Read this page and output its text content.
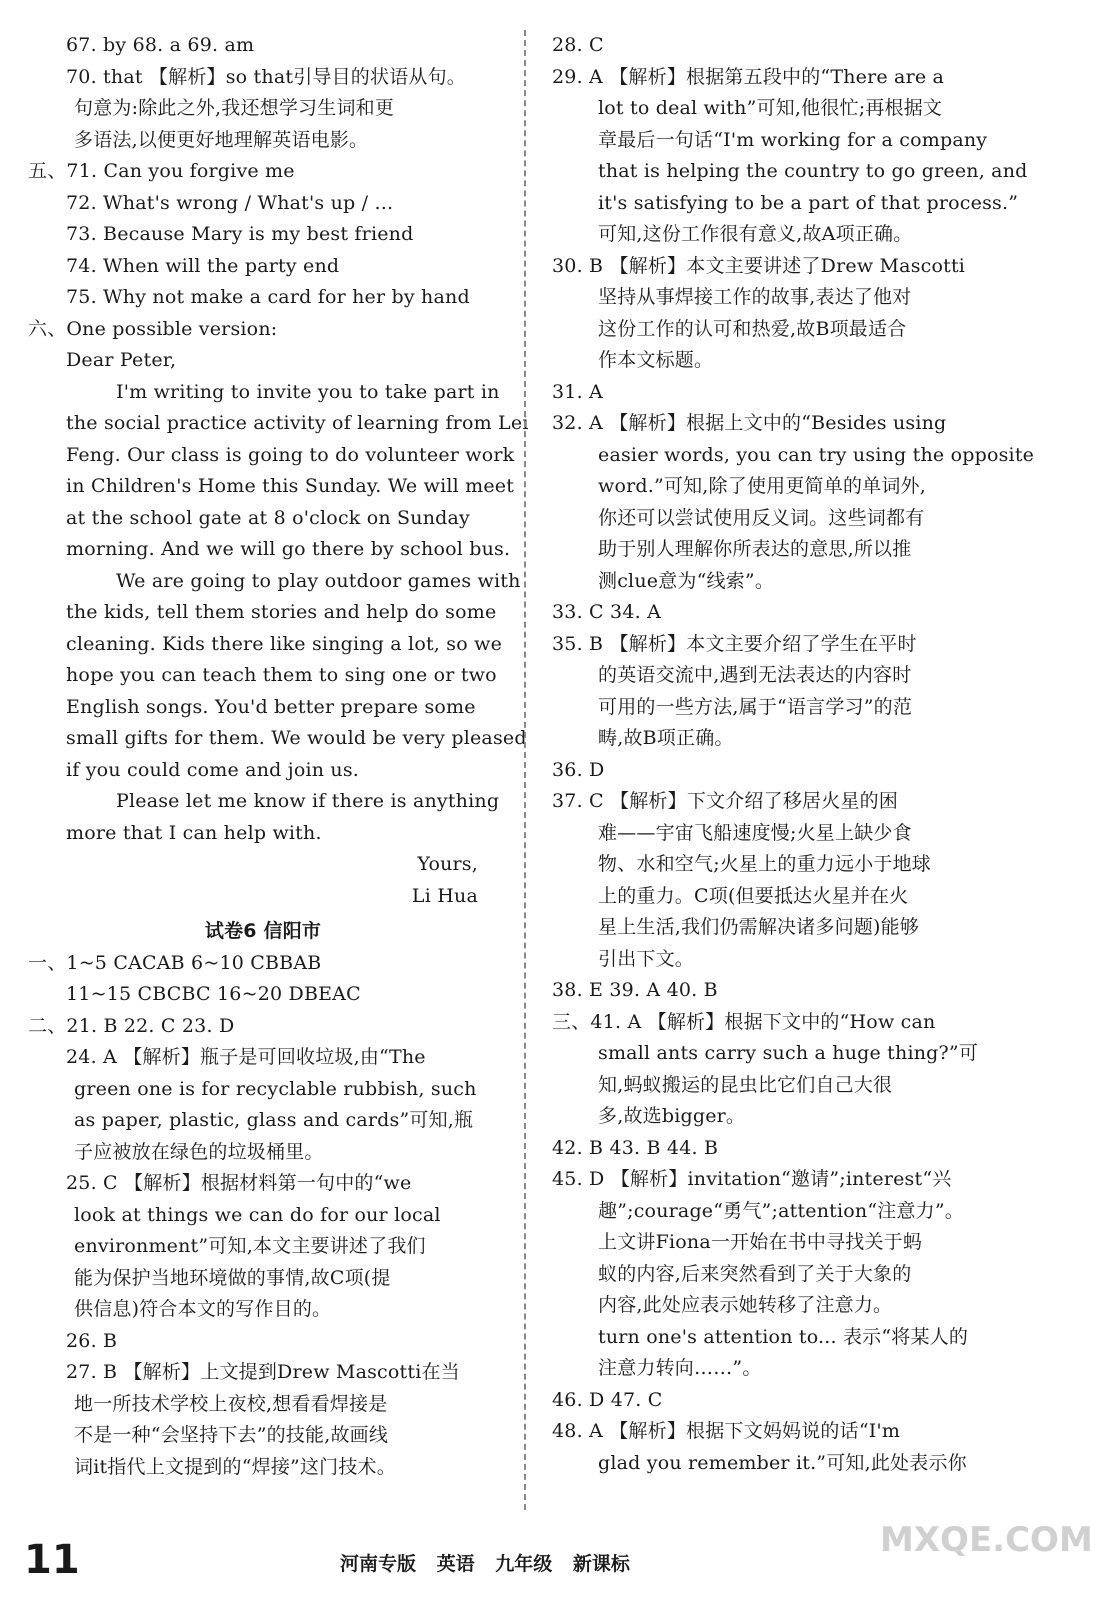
67. by 68. a 69. am
70. that 【解析】so that引导目的状语从句。
句意为:除此之外,我还想学习生词和更
多语法,以便更好地理解英语电影。
五、71. Can you forgive me
72. What's wrong / What's up / ...
73. Because Mary is my best friend
74. When will the party end
75. Why not make a card for her by hand
六、One possible version:
Dear Peter,
I'm writing to invite you to take part in
the social practice activity of learning from Lei
Feng. Our class is going to do volunteer work
in Children's Home this Sunday. We will meet
at the school gate at 8 o'clock on Sunday
morning. And we will go there by school bus.
We are going to play outdoor games with
the kids, tell them stories and help do some
cleaning. Kids there like singing a lot, so we
hope you can teach them to sing one or two
English songs. You'd better prepare some
small gifts for them. We would be very pleased
if you could come and join us.
Please let me know if there is anything
more that I can help with.
Yours,
Li Hua
试卷6 信阳市
一、1~5 CACAB 6~10 CBBAB
11~15 CBCBC 16~20 DBEAC
二、21. B 22. C 23. D
24. A 【解析】瓶子是可回收垃圾,由“The
green one is for recyclable rubbish, such
as paper, plastic, glass and cards”可知,瓶
子应被放在绿色的垃圾桶里。
25. C 【解析】根据材料第一句中的“we
look at things we can do for our local
environment”可知,本文主要讲述了我们
能为保护当地环境做的事情,故C项(提
供信息)符合本文的写作目的。
26. B
27. B 【解析】上文提到Drew Mascotti在当
地一所技术学校上夜校,想看看焊接是
不是一种“会坚持下去”的技能,故画线
词it指代上文提到的“焊接”这门技术。
28. C
29. A 【解析】根据第五段中的“There are a
lot to deal with”可知,他很忙;再根据文
章最后一句话“I'm working for a company
that is helping the country to go green, and
it's satisfying to be a part of that process.”
可知,这份工作很有意义,故A项正确。
30. B 【解析】本文主要讲述了Drew Mascotti
坚持从事焊接工作的故事,表达了他对
这份工作的认可和热爱,故B项最适合
作本文标题。
31. A
32. A 【解析】根据上文中的“Besides using
easier words, you can try using the opposite
word.”可知,除了使用更简单的单词外,
你还可以尝试使用反义词。这些词都有
助于别人理解你所表达的意思,所以推
测clue意为“线索”。
33. C 34. A
35. B 【解析】本文主要介绍了学生在平时
的英语交流中,遇到无法表达的内容时
可用的一些方法,属于“语言学习”的范
畴,故B项正确。
36. D
37. C 【解析】下文介绍了移居火星的困
难——宇宙飞船速度慢;火星上缺少食
物、水和空气;火星上的重力远小于地球
上的重力。C项(但要抵达火星并在火
星上生活,我们仍需解决诸多问题)能够
引出下文。
38. E 39. A 40. B
三、41. A 【解析】根据下文中的“How can
small ants carry such a huge thing?”可
知,蚂蚁搬运的昆虫比它们自己大很
多,故选bigger。
42. B 43. B 44. B
45. D 【解析】invitation“邀请”;interest“兴
趣”;courage“勇气”;attention“注意力”。
上文讲Fiona一开始在书中寻找关于蚂
蚁的内容,后来突然看到了关于大象的
内容,此处应表示她转移了注意力。
turn one's attention to... 表示“将某人的
注意力转向……”。
46. D 47. C
48. A 【解析】根据下文妈妈说的话“I'm
glad you remember it.”可知,此处表示你
11	河南专版 英语 九年级 新课标
MXQE.COM
